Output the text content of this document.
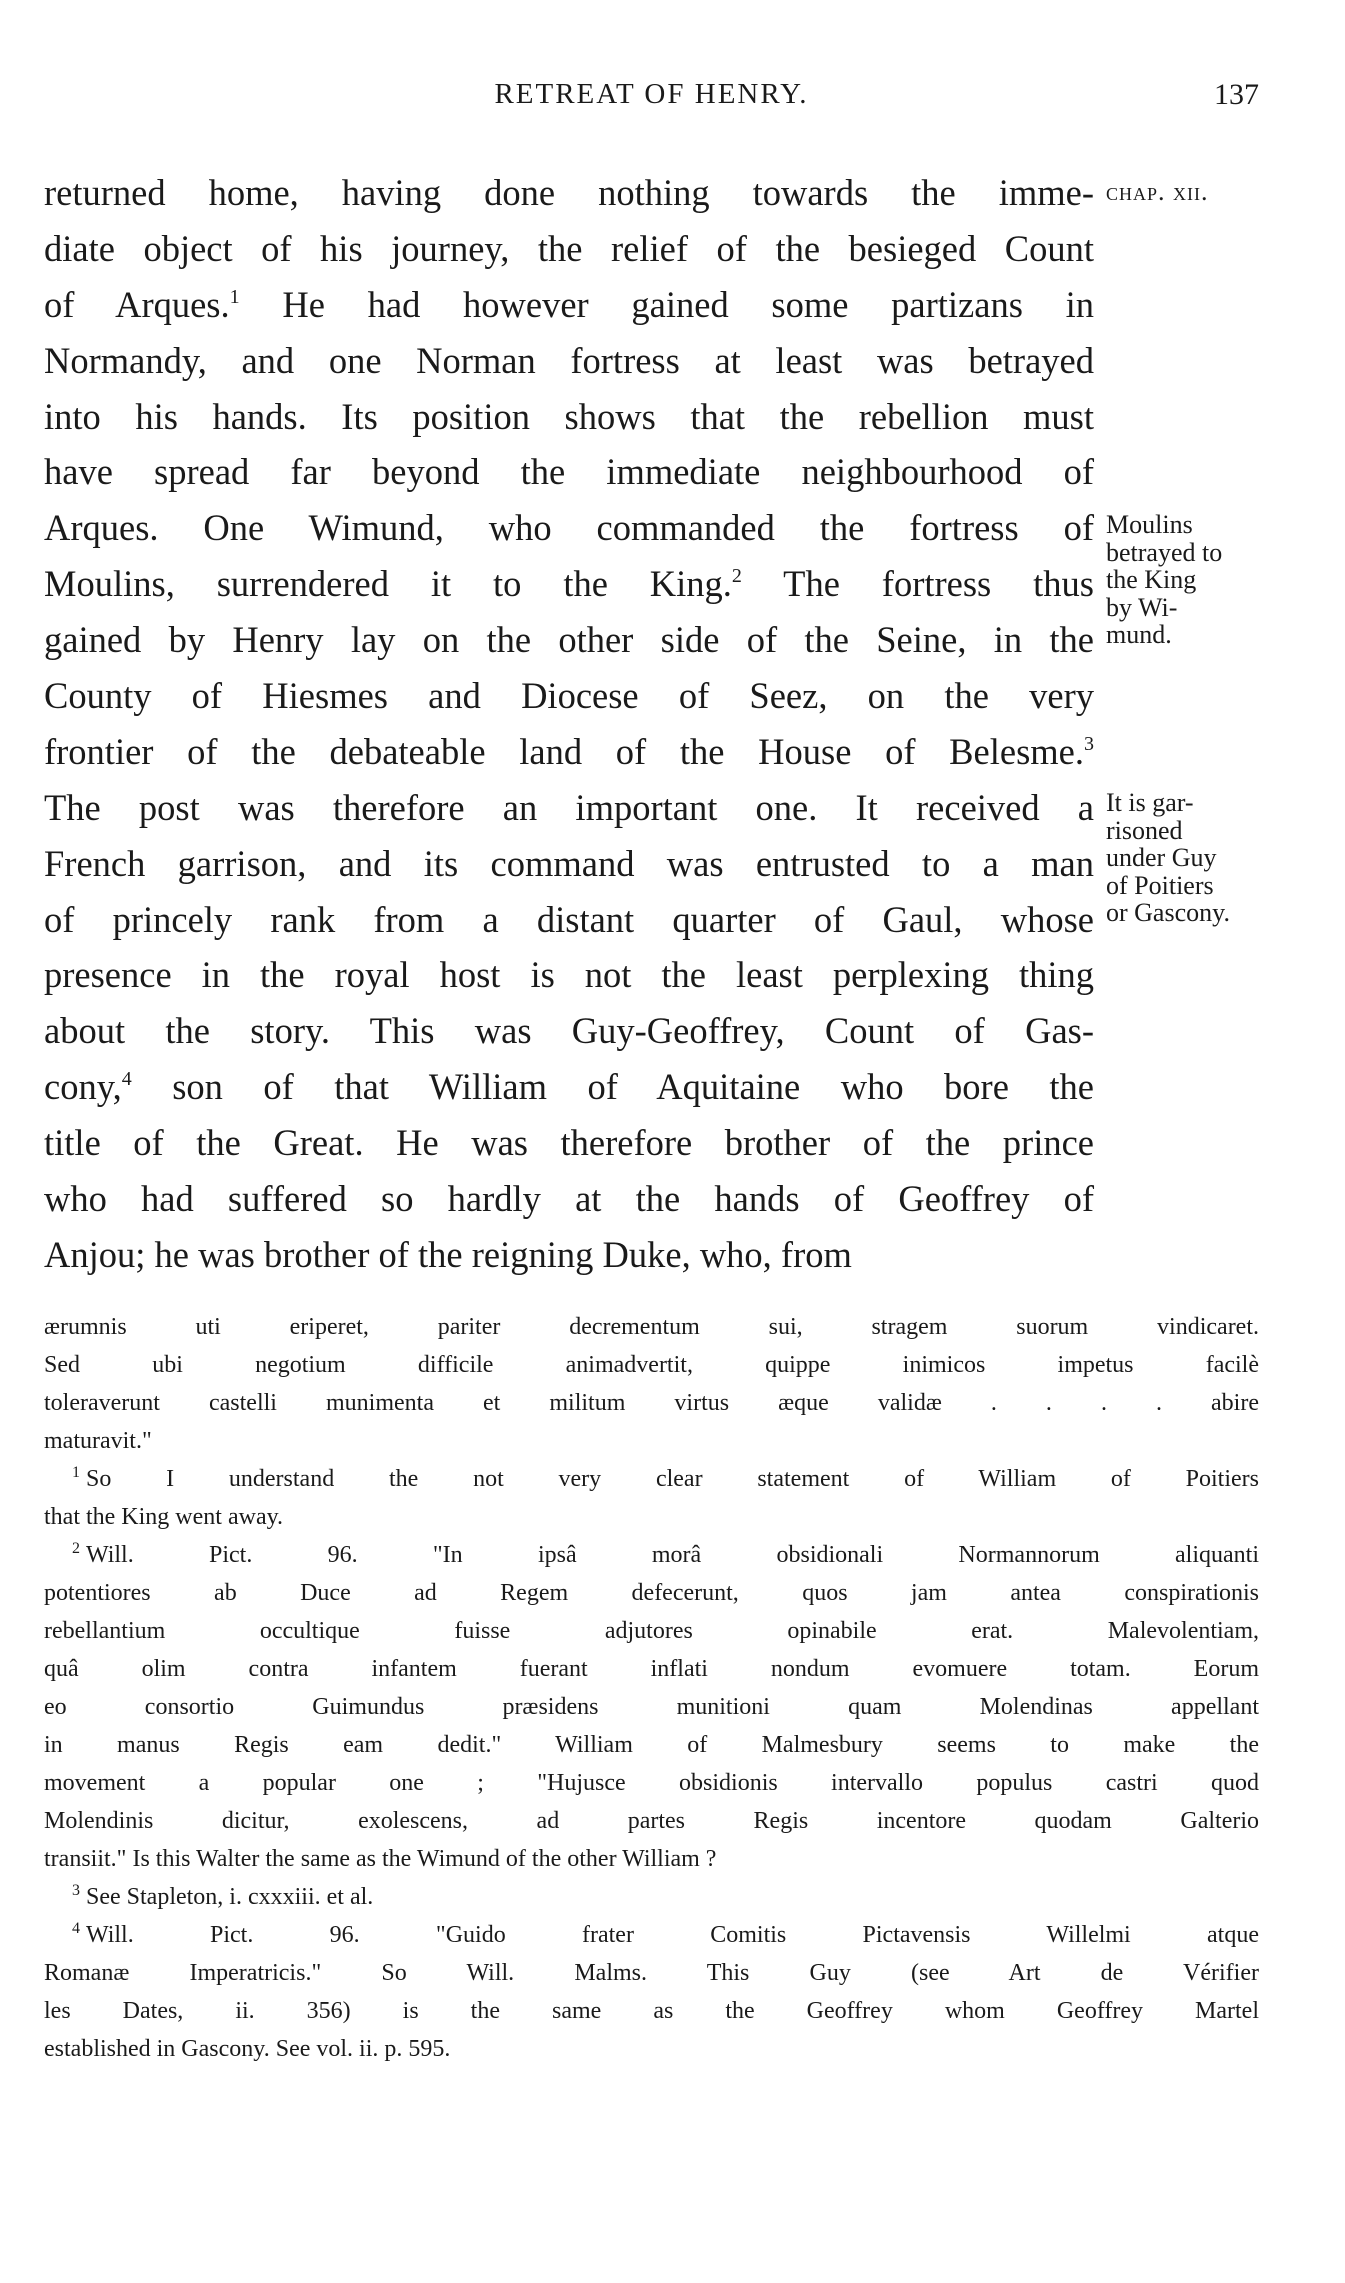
RETREAT OF HENRY.	137
returned home, having done nothing towards the imme-
diate object of his journey, the relief of the besieged Count
of Arques.$^1$ He had however gained some partizans in
Normandy, and one Norman fortress at least was betrayed
into his hands. Its position shows that the rebellion must
have spread far beyond the immediate neighbourhood of
Arques. One Wimund, who commanded the fortress of
Moulins, surrendered it to the King.$^2$ The fortress thus
gained by Henry lay on the other side of the Seine, in the
County of Hiesmes and Diocese of Seez, on the very
frontier of the debateable land of the House of Belesme.$^3$
The post was therefore an important one. It received a
French garrison, and its command was entrusted to a man
of princely rank from a distant quarter of Gaul, whose
presence in the royal host is not the least perplexing thing
about the story. This was Guy-Geoffrey, Count of Gas-
cony,$^4$ son of that William of Aquitaine who bore the
title of the Great. He was therefore brother of the prince
who had suffered so hardly at the hands of Geoffrey of
Anjou; he was brother of the reigning Duke, who, from
chap. xii.
Moulins
betrayed to
the King
by Wi-
mund.
It is gar-
risoned
under Guy
of Poitiers
or Gascony.
ærumnis uti eriperet, pariter decrementum sui, stragem suorum vindicaret.
Sed ubi negotium difficile animadvertit, quippe inimicos impetus facilè
toleraverunt castelli munimenta et militum virtus æque validæ . . . . abire
maturavit."
$^1$ So I understand the not very clear statement of William of Poitiers
that the King went away.
$^2$ Will. Pict. 96. "In ipsâ morâ obsidionali Normannorum aliquanti
potentiores ab Duce ad Regem defecerunt, quos jam antea conspirationis
rebellantium occultique fuisse adjutores opinabile erat. Malevolentiam,
quâ olim contra infantem fuerant inflati nondum evomuere totam. Eorum
eo consortio Guimundus præsidens munitioni quam Molendinas appellant
in manus Regis eam dedit." William of Malmesbury seems to make the
movement a popular one ; "Hujusce obsidionis intervallo populus castri quod
Molendinis dicitur, exolescens, ad partes Regis incentore quodam Galterio
transiit." Is this Walter the same as the Wimund of the other William ?
$^3$ See Stapleton, i. cxxxiii. et al.
$^4$ Will. Pict. 96. "Guido frater Comitis Pictavensis Willelmi atque
Romanæ Imperatricis." So Will. Malms. This Guy (see Art de Vérifier
les Dates, ii. 356) is the same as the Geoffrey whom Geoffrey Martel
established in Gascony. See vol. ii. p. 595.
